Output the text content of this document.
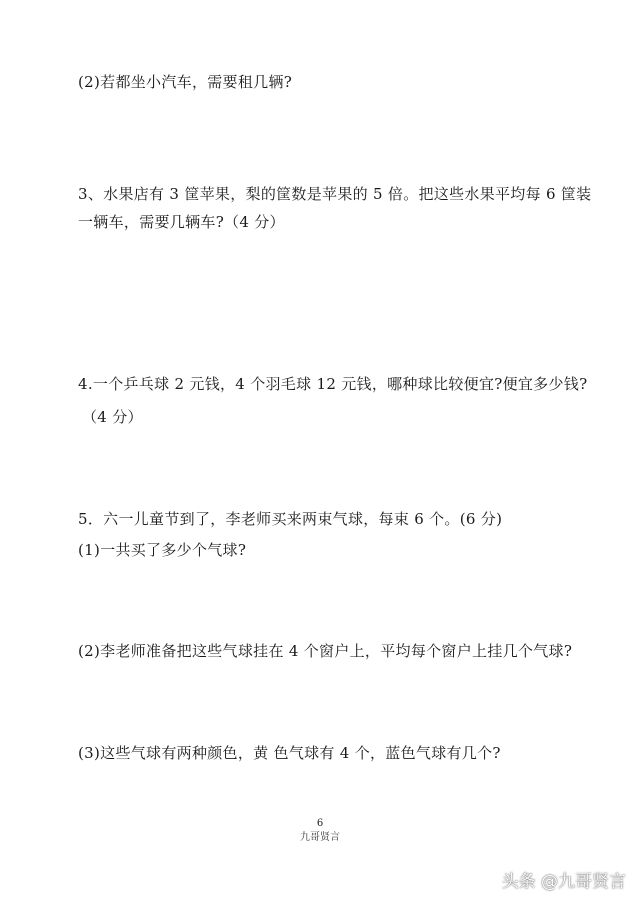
(2)若都坐小汽车，需要租几辆?
3、水果店有 3 筐苹果，梨的筐数是苹果的 5 倍。把这些水果平均每 6 筐装
一辆车，需要几辆车?（4 分）
4.一个乒乓球 2 元钱，4 个羽毛球 12 元钱，哪种球比较便宜?便宜多少钱?
（4 分）
5．六一儿童节到了，李老师买来两束气球，每束 6 个。(6 分)
(1)一共买了多少个气球?
(2)李老师准备把这些气球挂在 4 个窗户上，平均每个窗户上挂几个气球?
(3)这些气球有两种颜色，黄 色气球有 4 个，蓝色气球有几个?
6
九哥贤言
头条 @九哥贤言
